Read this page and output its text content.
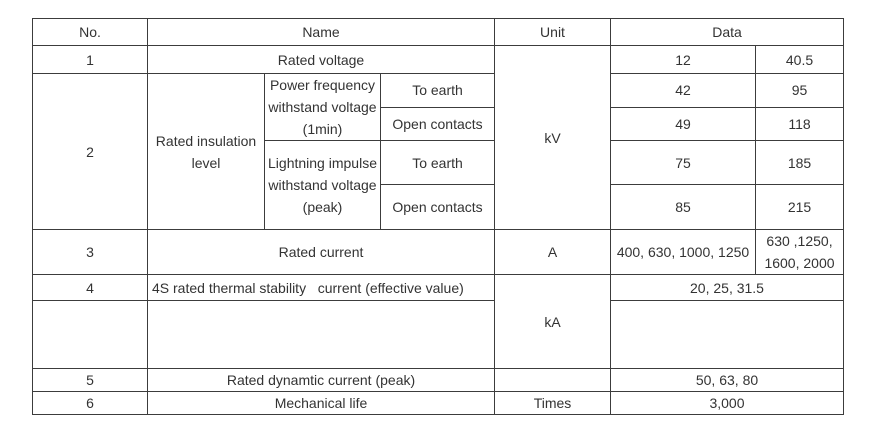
No.	Name			Unit	Data	
1	Rated voltage			kV	12	40.5
2	Rated insulation level	Power frequency withstand voltage (1min)	To earth		42	95
			Open contacts		49	118
		Lightning impulse withstand voltage (peak)	To earth		75	185
			Open contacts		85	215
3	Rated current			A	400, 630, 1000, 1250	630 ,1250, 1600, 2000
4	4S rated thermal stability   current (effective value)			kA	20, 25, 31.5	

5	Rated dynamtic current (peak)				50, 63, 80	
6	Mechanical life			Times	3,000	
